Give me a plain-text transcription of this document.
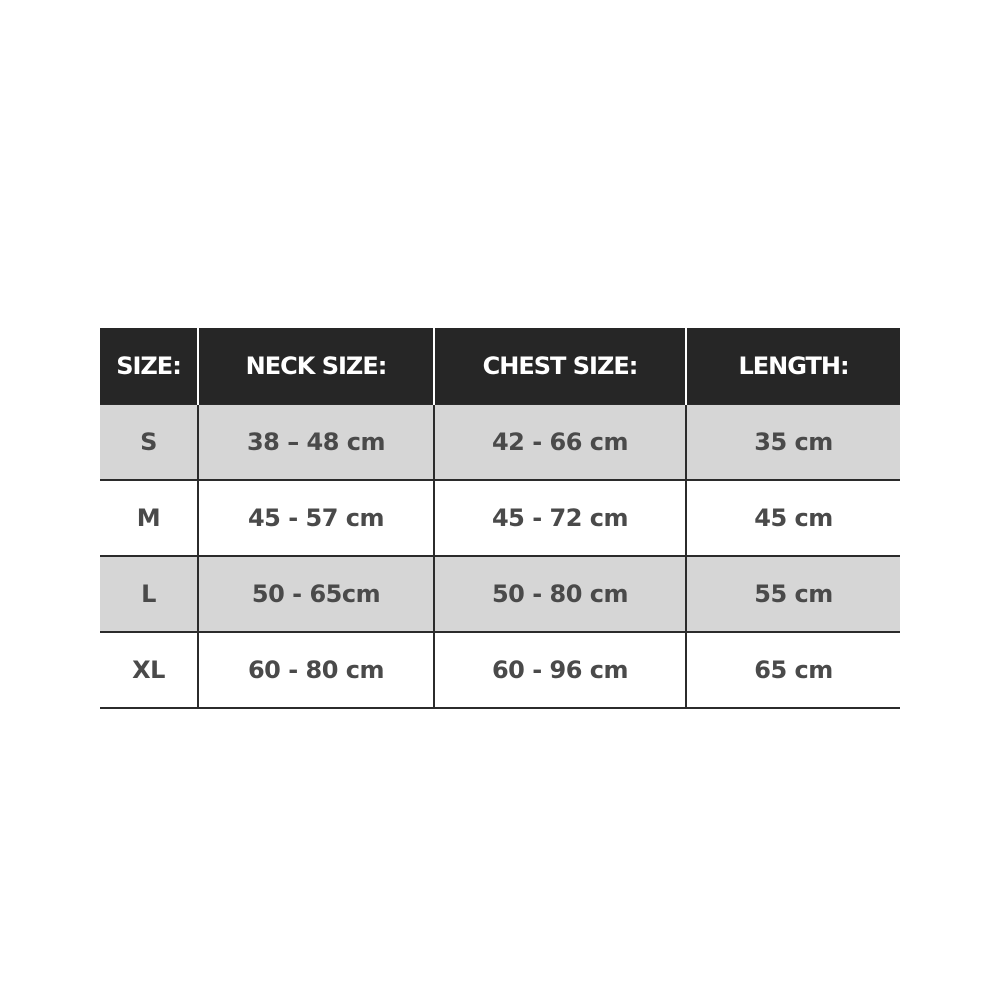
SIZE:	NECK SIZE:	CHEST SIZE:	LENGTH:
S	38 – 48 cm	42 - 66 cm	35 cm
M	45 - 57 cm	45 - 72 cm	45 cm
L	50 - 65cm	50 - 80 cm	55 cm
XL	60 - 80 cm	60 - 96 cm	65 cm
